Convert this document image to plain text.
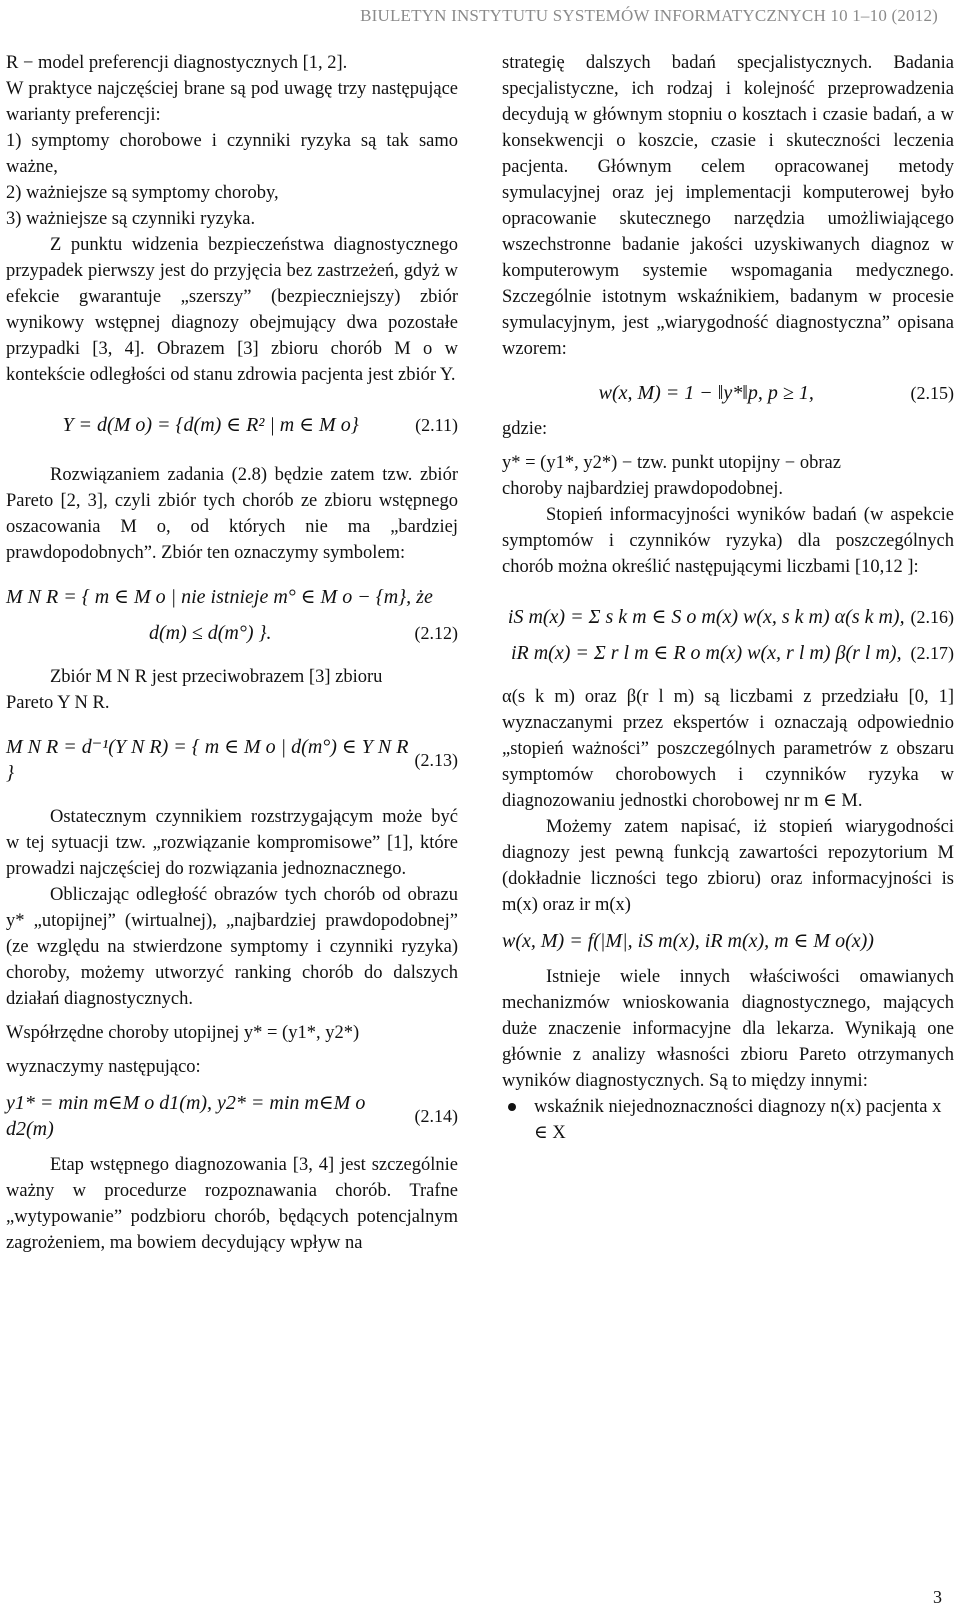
BIULETYN INSTYTUTU SYSTEMÓW INFORMATYCZNYCH 10 1–10 (2012)

R − model preferencji diagnostycznych [1, 2].

W praktyce najczęściej brane są pod uwagę trzy następujące warianty preferencji:

1) symptomy chorobowe i czynniki ryzyka są tak samo ważne,

2) ważniejsze są symptomy choroby,

3) ważniejsze są czynniki ryzyka.

Z punktu widzenia bezpieczeństwa diagnostycznego przypadek pierwszy jest do przyjęcia bez zastrzeżeń, gdyż w efekcie gwarantuje „szerszy” (bezpieczniejszy) zbiór wynikowy wstępnej diagnozy obejmujący dwa pozostałe przypadki [3, 4]. Obrazem [3] zbioru chorób M o w kontekście odległości od stanu zdrowia pacjenta jest zbiór Y.

Y = d(M o) = {d(m) ∈ R² | m ∈ M o}	(2.11)

Rozwiązaniem zadania (2.8) będzie zatem tzw. zbiór Pareto [2, 3], czyli zbiór tych chorób ze zbioru wstępnego oszacowania M o, od których nie ma „bardziej prawdopodobnych”. Zbiór ten oznaczymy symbolem:

M N R = { m ∈ M o | nie istnieje m° ∈ M o − {m}, że
d(m) ≤ d(m°) }.	(2.12)

Zbiór M N R jest przeciwobrazem [3] zbioru

Pareto Y N R.

M N R = d⁻¹(Y N R) = { m ∈ M o | d(m°) ∈ Y N R }
(2.13)

Ostatecznym czynnikiem rozstrzygającym może być w tej sytuacji tzw. „rozwiązanie kompromisowe” [1], które prowadzi najczęściej do rozwiązania jednoznacznego.

Obliczając odległość obrazów tych chorób od obrazu y* „utopijnej” (wirtualnej), „najbardziej prawdopodobnej” (ze względu na stwierdzone symptomy i czynniki ryzyka) choroby, możemy utworzyć ranking chorób do dalszych działań diagnostycznych.

Współrzędne choroby utopijnej y* = (y1*, y2*)

wyznaczymy następująco:

y1* = min m∈M o d1(m), y2* = min m∈M o d2(m)
(2.14)

Etap wstępnego diagnozowania [3, 4] jest szczególnie ważny w procedurze rozpoznawania chorób. Trafne „wytypowanie” podzbioru chorób, będących potencjalnym zagrożeniem, ma bowiem decydujący wpływ na

strategię dalszych badań specjalistycznych. Badania specjalistyczne, ich rodzaj i kolejność przeprowadzenia decydują w głównym stopniu o kosztach i czasie badań, a w konsekwencji o koszcie, czasie i skuteczności leczenia pacjenta. Głównym celem opracowanej metody symulacyjnej oraz jej implementacji komputerowej było opracowanie skutecznego narzędzia umożliwiającego wszechstronne badanie jakości uzyskiwanych diagnoz w komputerowym systemie wspomagania medycznego. Szczególnie istotnym wskaźnikiem, badanym w procesie symulacyjnym, jest „wiarygodność diagnostyczna” opisana wzorem:

w(x, M) = 1 − ‖y*‖p, p ≥ 1,	(2.15)

gdzie:

y* = (y1*, y2*) − tzw. punkt utopijny − obraz

choroby najbardziej prawdopodobnej.

Stopień informacyjności wyników badań (w aspekcie symptomów i czynników ryzyka) dla poszczególnych chorób można określić następującymi liczbami [10,12 ]:

iS m(x) = Σ s k m ∈ S o m(x) w(x, s k m) α(s k m), (2.16)
iR m(x) = Σ r l m ∈ R o m(x) w(x, r l m) β(r l m), (2.17)

α(s k m) oraz β(r l m) są liczbami z przedziału [0, 1] wyznaczanymi przez ekspertów i oznaczają odpowiednio „stopień ważności” poszczególnych parametrów z obszaru symptomów chorobowych i czynników ryzyka w diagnozowaniu jednostki chorobowej nr m ∈ M.

Możemy zatem napisać, iż stopień wiarygodności diagnozy jest pewną funkcją zawartości repozytorium M (dokładnie liczności tego zbioru) oraz informacyjności is m(x) oraz ir m(x)

w(x, M) = f(|M|, iS m(x), iR m(x), m ∈ M o(x))

Istnieje wiele innych właściwości omawianych mechanizmów wnioskowania diagnostycznego, mających duże znaczenie informacyjne dla lekarza. Wynikają one głównie z analizy własności zbioru Pareto otrzymanych wyników diagnostycznych. Są to między innymi:

wskaźnik niejednoznaczności diagnozy n(x) pacjenta x ∈ X
3
